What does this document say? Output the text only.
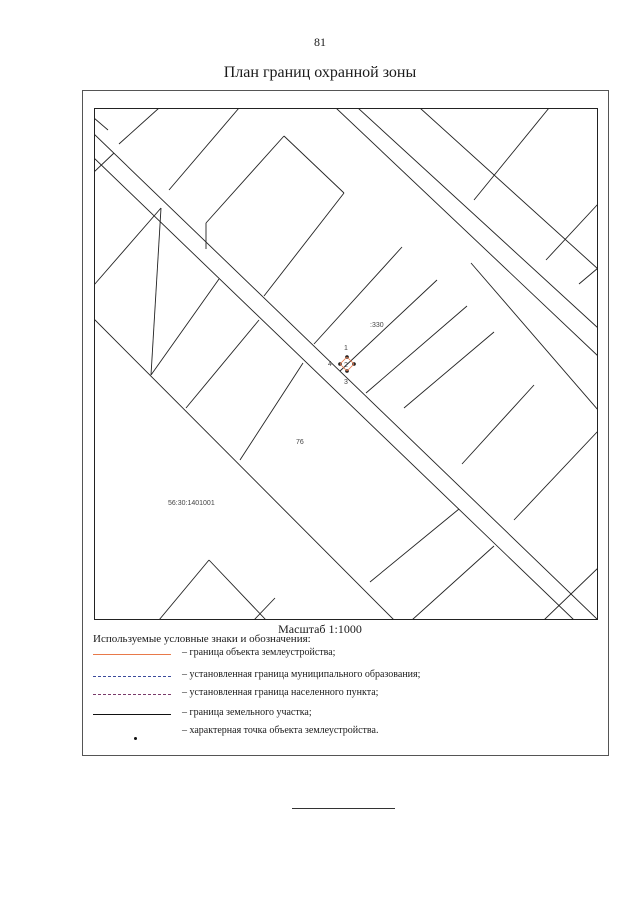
81
План границ охранной зоны
1
2
3
4
:330
76
56:30:1401001
Масштаб 1:1000
Используемые условные знаки и обозначения:
– граница объекта землеустройства;
– установленная граница муниципального образования;
– установленная граница населенного пункта;
– граница земельного участка;
– характерная точка объекта землеустройства.
